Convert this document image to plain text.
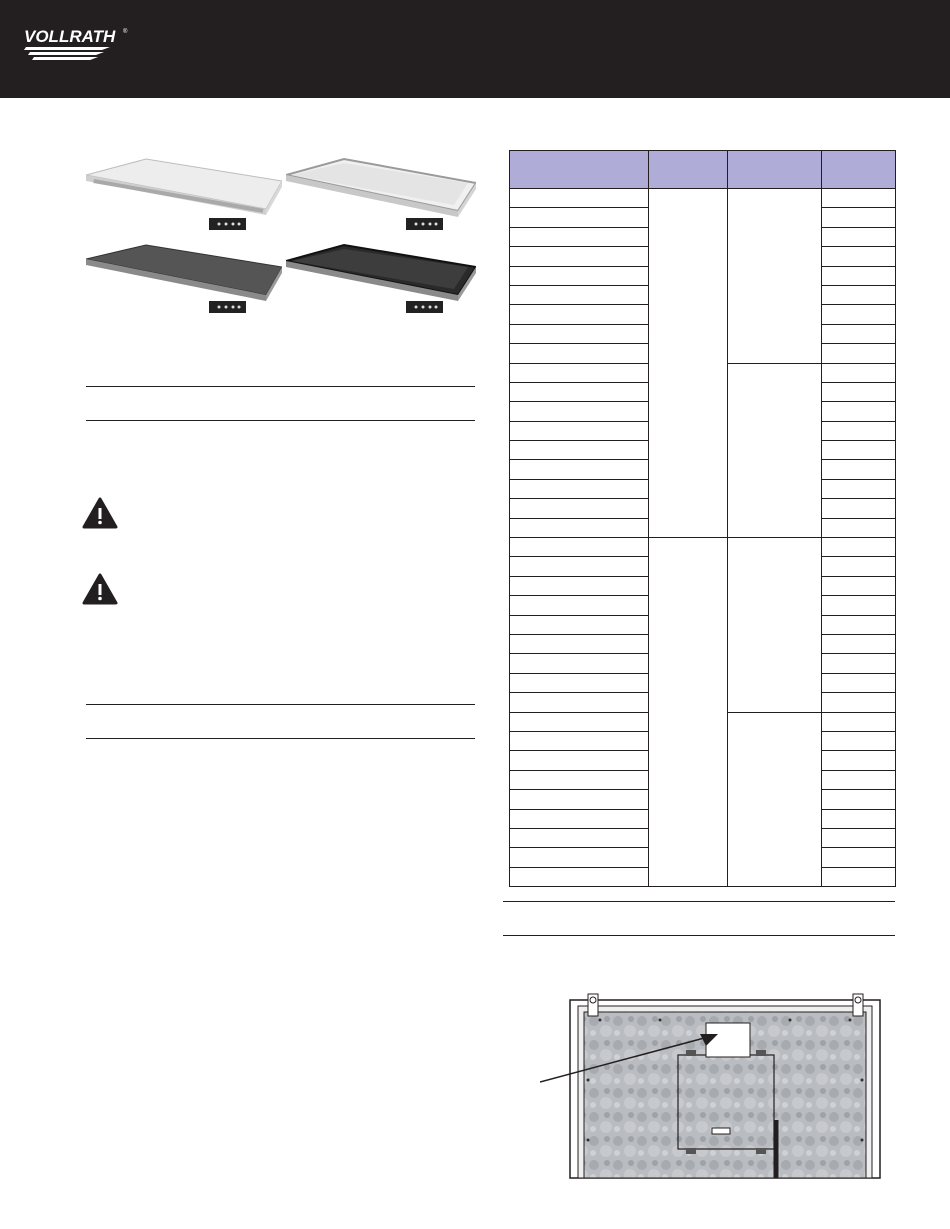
VOLLRATH ®
